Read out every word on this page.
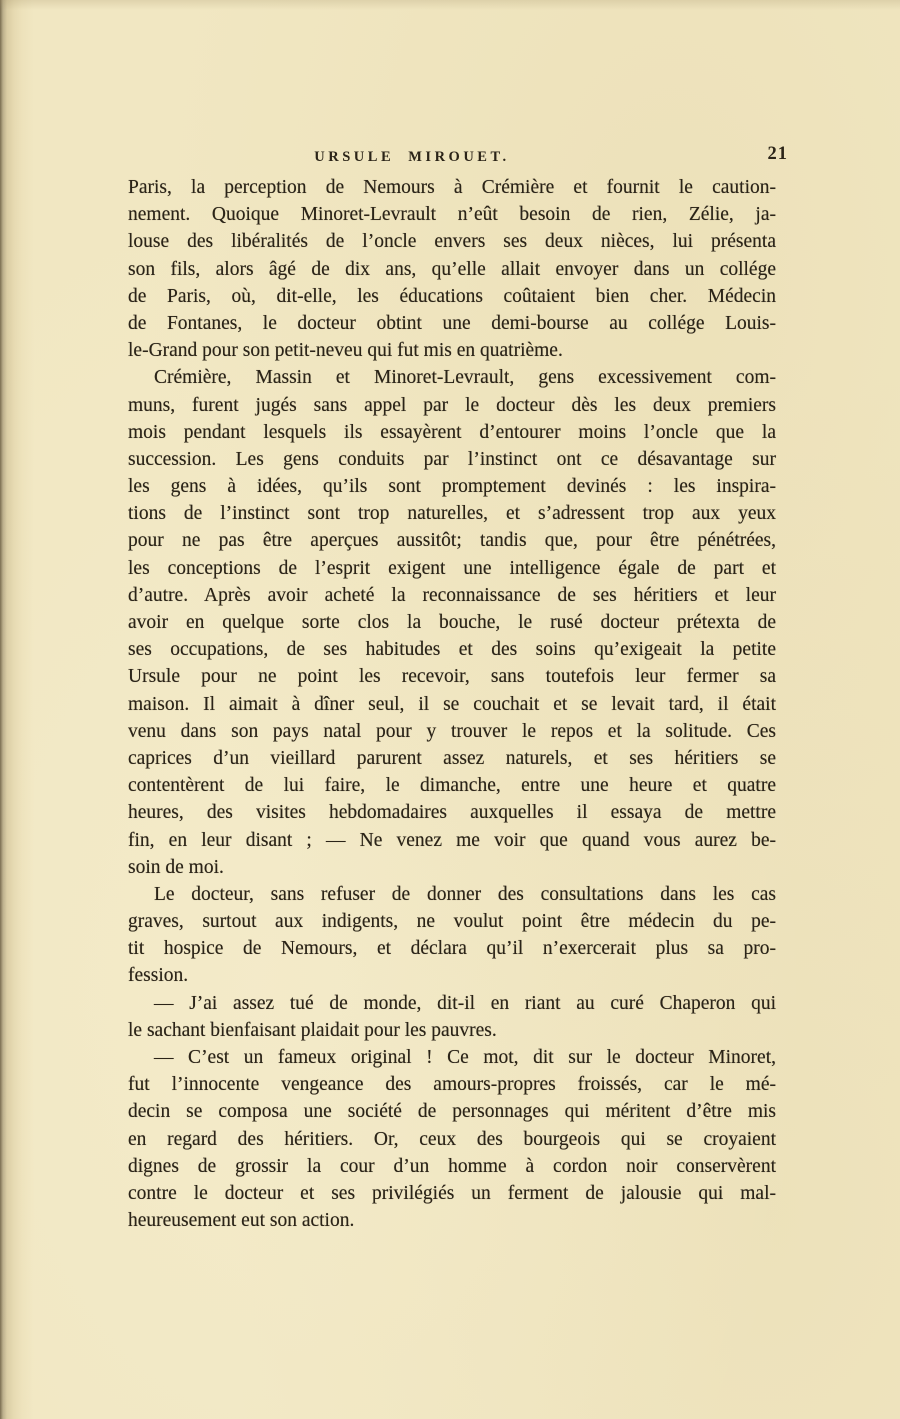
URSULE MIROUET.	21
Paris, la perception de Nemours à Crémière et fournit le caution-
nement. Quoique Minoret-Levrault n’eût besoin de rien, Zélie, ja-
louse des libéralités de l’oncle envers ses deux nièces, lui présenta
son fils, alors âgé de dix ans, qu’elle allait envoyer dans un collége
de Paris, où, dit-elle, les éducations coûtaient bien cher. Médecin
de Fontanes, le docteur obtint une demi-bourse au collége Louis-
le-Grand pour son petit-neveu qui fut mis en quatrième.
Crémière, Massin et Minoret-Levrault, gens excessivement com-
muns, furent jugés sans appel par le docteur dès les deux premiers
mois pendant lesquels ils essayèrent d’entourer moins l’oncle que la
succession. Les gens conduits par l’instinct ont ce désavantage sur
les gens à idées, qu’ils sont promptement devinés : les inspira-
tions de l’instinct sont trop naturelles, et s’adressent trop aux yeux
pour ne pas être aperçues aussitôt; tandis que, pour être pénétrées,
les conceptions de l’esprit exigent une intelligence égale de part et
d’autre. Après avoir acheté la reconnaissance de ses héritiers et leur
avoir en quelque sorte clos la bouche, le rusé docteur prétexta de
ses occupations, de ses habitudes et des soins qu’exigeait la petite
Ursule pour ne point les recevoir, sans toutefois leur fermer sa
maison. Il aimait à dîner seul, il se couchait et se levait tard, il était
venu dans son pays natal pour y trouver le repos et la solitude. Ces
caprices d’un vieillard parurent assez naturels, et ses héritiers se
contentèrent de lui faire, le dimanche, entre une heure et quatre
heures, des visites hebdomadaires auxquelles il essaya de mettre
fin, en leur disant ; — Ne venez me voir que quand vous aurez be-
soin de moi.
Le docteur, sans refuser de donner des consultations dans les cas
graves, surtout aux indigents, ne voulut point être médecin du pe-
tit hospice de Nemours, et déclara qu’il n’exercerait plus sa pro-
fession.
— J’ai assez tué de monde, dit-il en riant au curé Chaperon qui
le sachant bienfaisant plaidait pour les pauvres.
— C’est un fameux original ! Ce mot, dit sur le docteur Minoret,
fut l’innocente vengeance des amours-propres froissés, car le mé-
decin se composa une société de personnages qui méritent d’être mis
en regard des héritiers. Or, ceux des bourgeois qui se croyaient
dignes de grossir la cour d’un homme à cordon noir conservèrent
contre le docteur et ses privilégiés un ferment de jalousie qui mal-
heureusement eut son action.
